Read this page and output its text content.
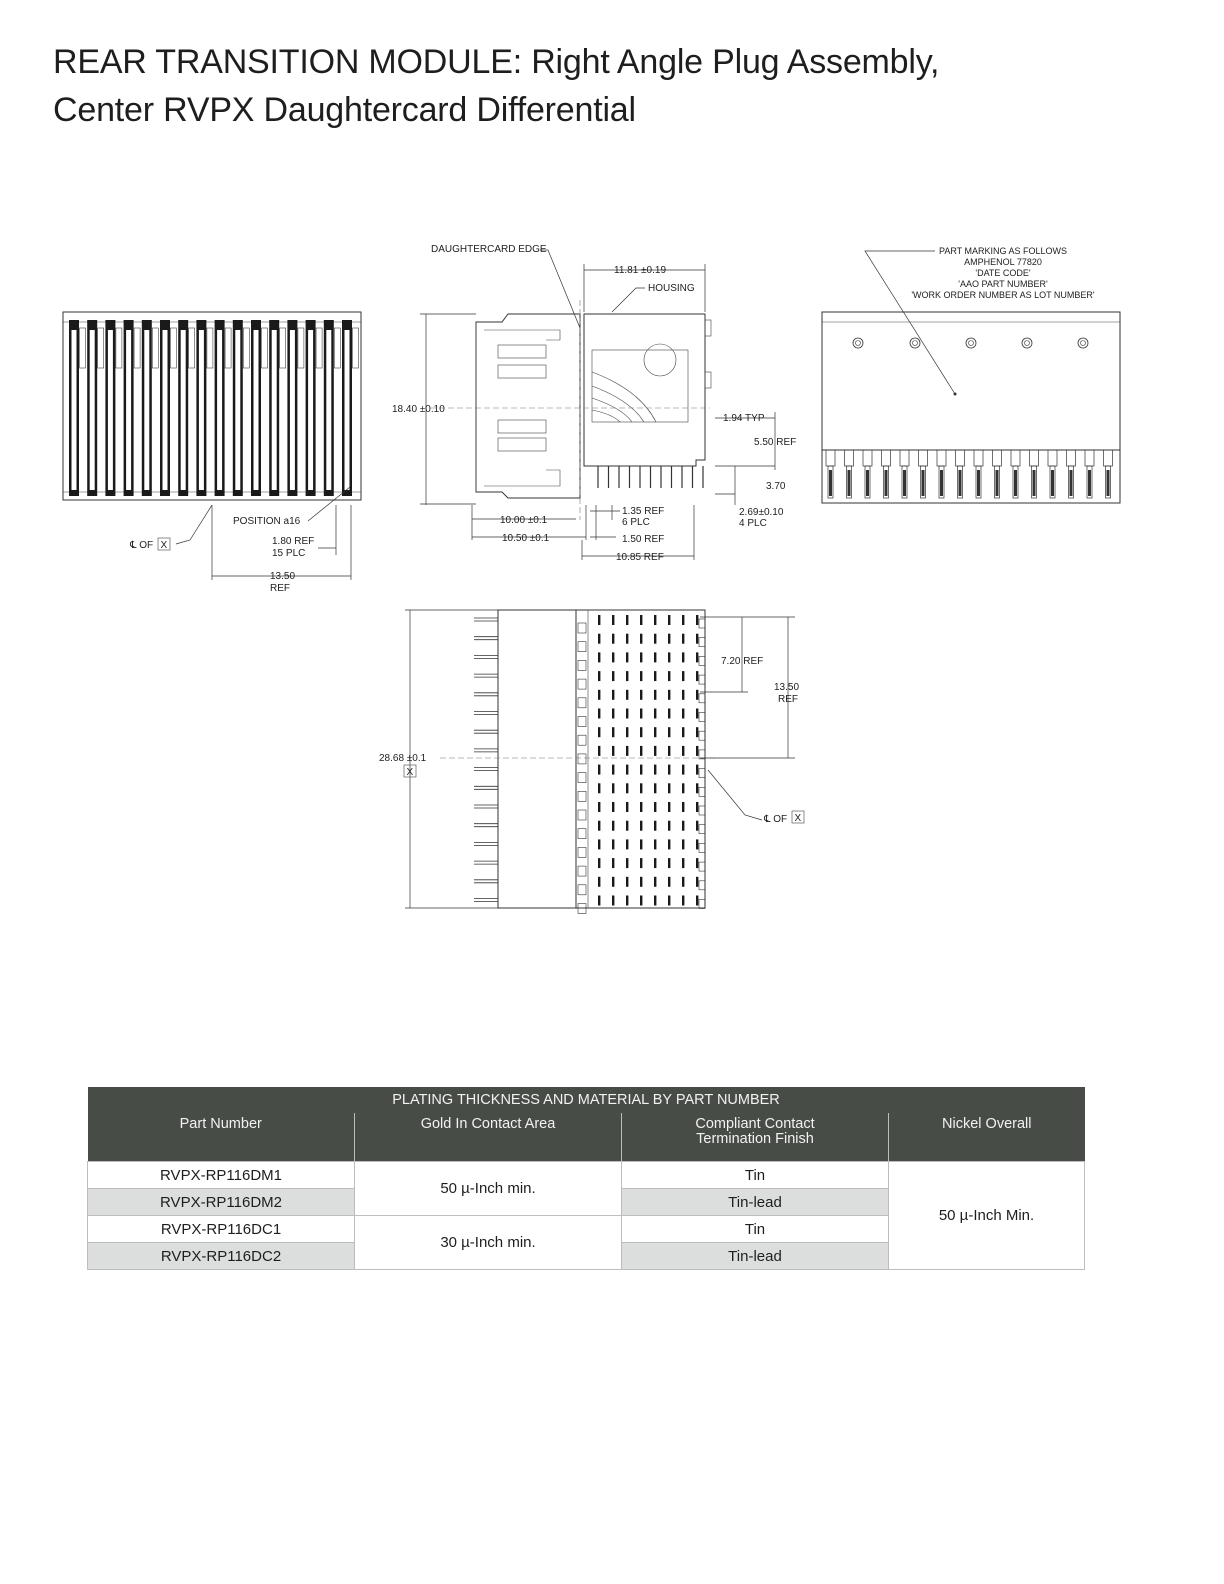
REAR TRANSITION MODULE: Right Angle Plug Assembly,
Center RVPX Daughtercard Differential
℄ OF X
POSITION a16
1.80 REF
15 PLC
13.50
REF
DAUGHTERCARD EDGE
11.81 ±0.19
HOUSING
18.40 ±0.10
1.94 TYP
5.50 REF
3.70
2.69±0.10
4 PLC
10.00 ±0.1
1.35 REF
6 PLC
10.50 ±0.1	1.50 REF
10.85 REF
PART MARKING AS FOLLOWS
AMPHENOL 77820
'DATE CODE'
'AAO PART NUMBER'
'WORK ORDER NUMBER AS LOT NUMBER'
28.68 ±0.1
X
7.20 REF
13.50
REF
℄ OF X
PLATING THICKNESS AND MATERIAL BY PART NUMBER			
Part Number	Gold In Contact Area	Compliant Contact
Termination Finish	Nickel Overall
RVPX-RP116DM1	50 µ-Inch min.	Tin	50 µ-Inch Min.
RVPX-RP116DM2		Tin-lead	
RVPX-RP116DC1	30 µ-Inch min.	Tin	
RVPX-RP116DC2		Tin-lead	
